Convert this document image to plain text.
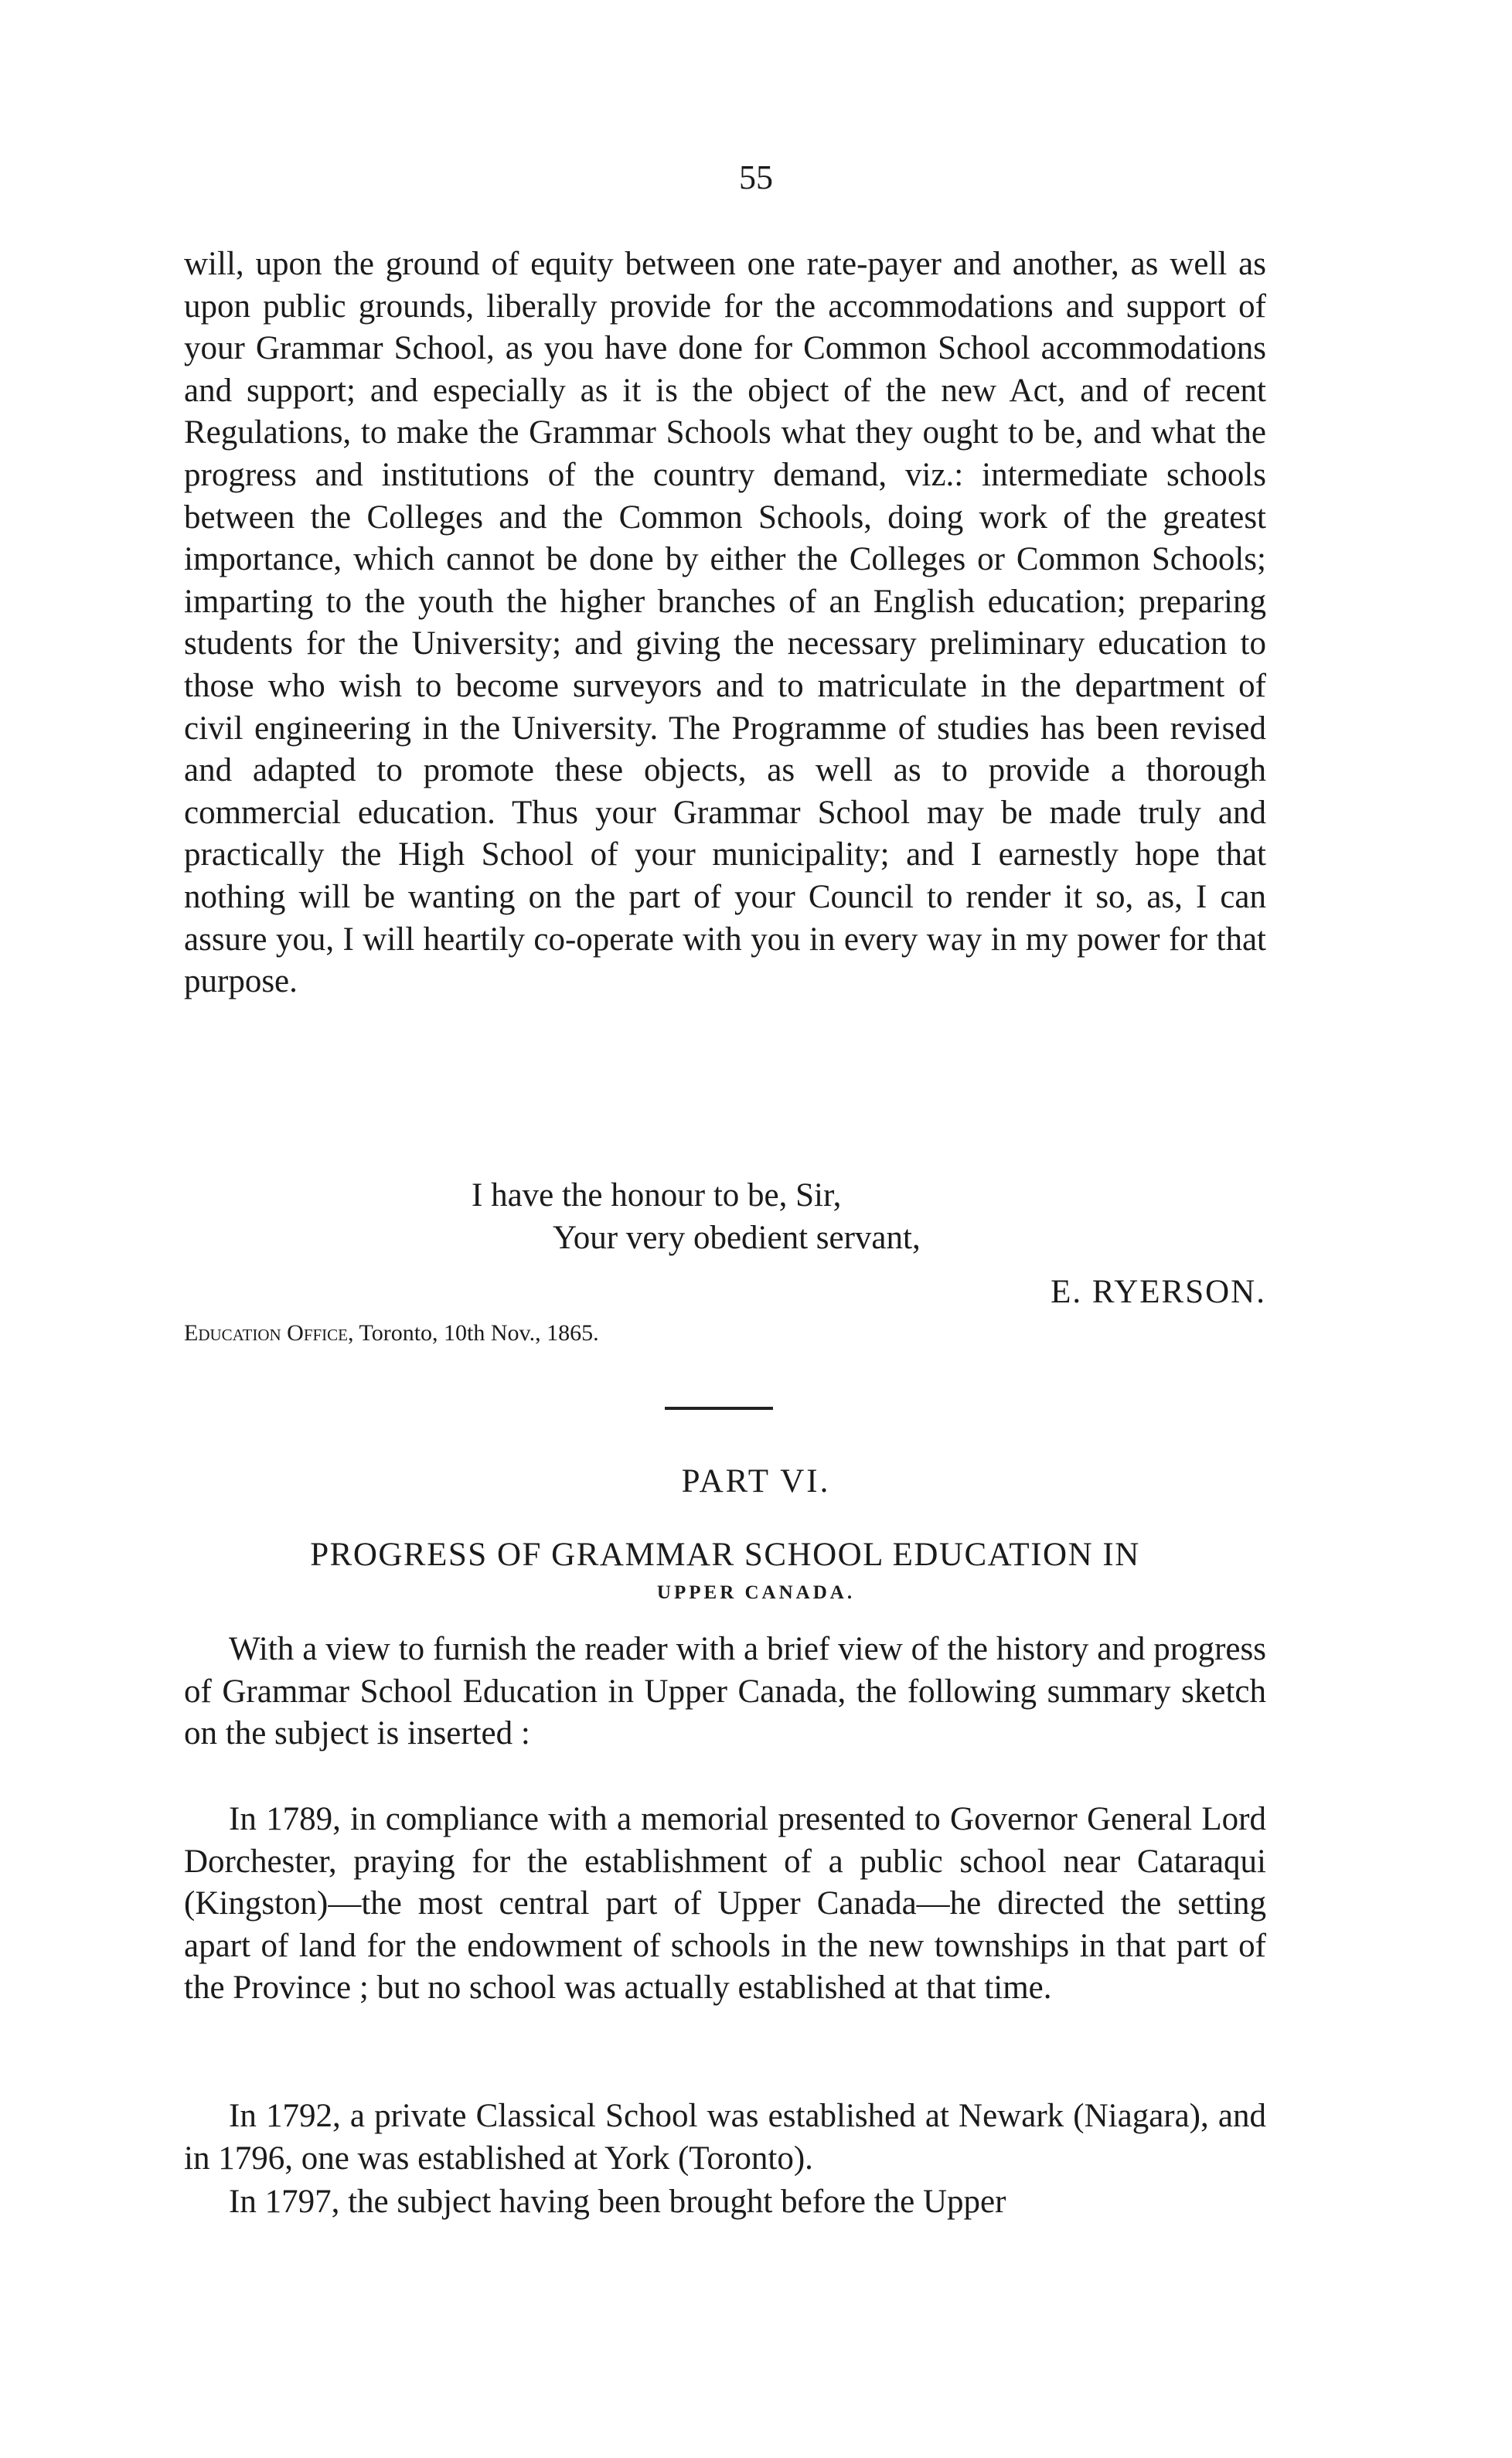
55

will, upon the ground of equity between one rate-payer and another, as well as upon public grounds, liberally provide for the accommodations and support of your Grammar School, as you have done for Common School accommodations and support; and especially as it is the object of the new Act, and of recent Regulations, to make the Grammar Schools what they ought to be, and what the progress and institutions of the country demand, viz.: intermediate schools between the Colleges and the Common Schools, doing work of the greatest importance, which cannot be done by either the Colleges or Common Schools; imparting to the youth the higher branches of an English education; preparing students for the University; and giving the necessary preliminary education to those who wish to become surveyors and to matriculate in the department of civil engineering in the University. The Programme of studies has been revised and adapted to promote these objects, as well as to provide a thorough commercial education. Thus your Grammar School may be made truly and practically the High School of your municipality; and I earnestly hope that nothing will be wanting on the part of your Council to render it so, as, I can assure you, I will heartily co-operate with you in every way in my power for that purpose.

I have the honour to be, Sir,
Your very obedient servant,
E. RYERSON.
Education Office, Toronto, 10th Nov., 1865.
PART VI.
PROGRESS OF GRAMMAR SCHOOL EDUCATION IN
UPPER CANADA.

With a view to furnish the reader with a brief view of the history and progress of Grammar School Education in Upper Canada, the following summary sketch on the subject is inserted :

In 1789, in compliance with a memorial presented to Governor General Lord Dorchester, praying for the establishment of a public school near Cataraqui (Kingston)—the most central part of Upper Canada—he directed the setting apart of land for the endowment of schools in the new townships in that part of the Province ; but no school was actually established at that time.

In 1792, a private Classical School was established at Newark (Niagara), and in 1796, one was established at York (Toronto).

In 1797, the subject having been brought before the Upper
